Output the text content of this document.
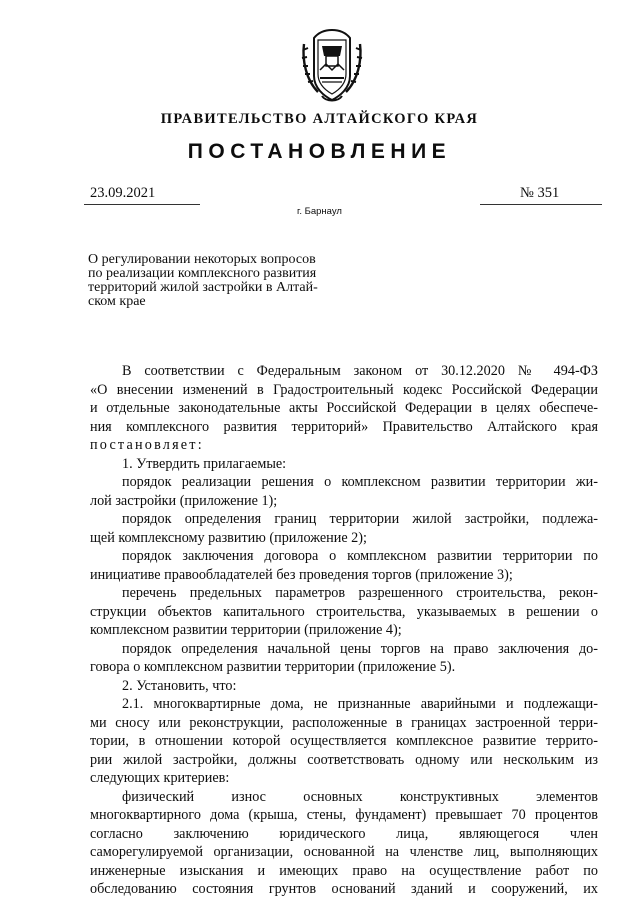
ПРАВИТЕЛЬСТВО АЛТАЙСКОГО КРАЯ
ПОСТАНОВЛЕНИЕ
23.09.2021	№ 351
г. Барнаул
О регулировании некоторых вопросов
по реализации комплексного развития
территорий жилой застройки в Алтай-
ском крае
В соответствии с Федеральным законом от 30.12.2020 № 494-ФЗ
«О внесении изменений в Градостроительный кодекс Российской Федерации
и отдельные законодательные акты Российской Федерации в целях обеспече-
ния комплексного развития территорий» Правительство Алтайского края
постановляет:
1. Утвердить прилагаемые:
порядок реализации решения о комплексном развитии территории жи-
лой застройки (приложение 1);
порядок определения границ территории жилой застройки, подлежа-
щей комплексному развитию (приложение 2);
порядок заключения договора о комплексном развитии территории по
инициативе правообладателей без проведения торгов (приложение 3);
перечень предельных параметров разрешенного строительства, рекон-
струкции объектов капитального строительства, указываемых в решении о
комплексном развитии территории (приложение 4);
порядок определения начальной цены торгов на право заключения до-
говора о комплексном развитии территории (приложение 5).
2. Установить, что:
2.1. многоквартирные дома, не признанные аварийными и подлежащи-
ми сносу или реконструкции, расположенные в границах застроенной терри-
тории, в отношении которой осуществляется комплексное развитие террито-
рии жилой застройки, должны соответствовать одному или нескольким из
следующих критериев:
физический износ основных конструктивных элементов
многоквартирного дома (крыша, стены, фундамент) превышает 70 процентов
согласно заключению юридического лица, являющегося член
саморегулируемой организации, основанной на членстве лиц, выполняющих
инженерные изыскания и имеющих право на осуществление работ по
обследованию состояния грунтов оснований зданий и сооружений, их
